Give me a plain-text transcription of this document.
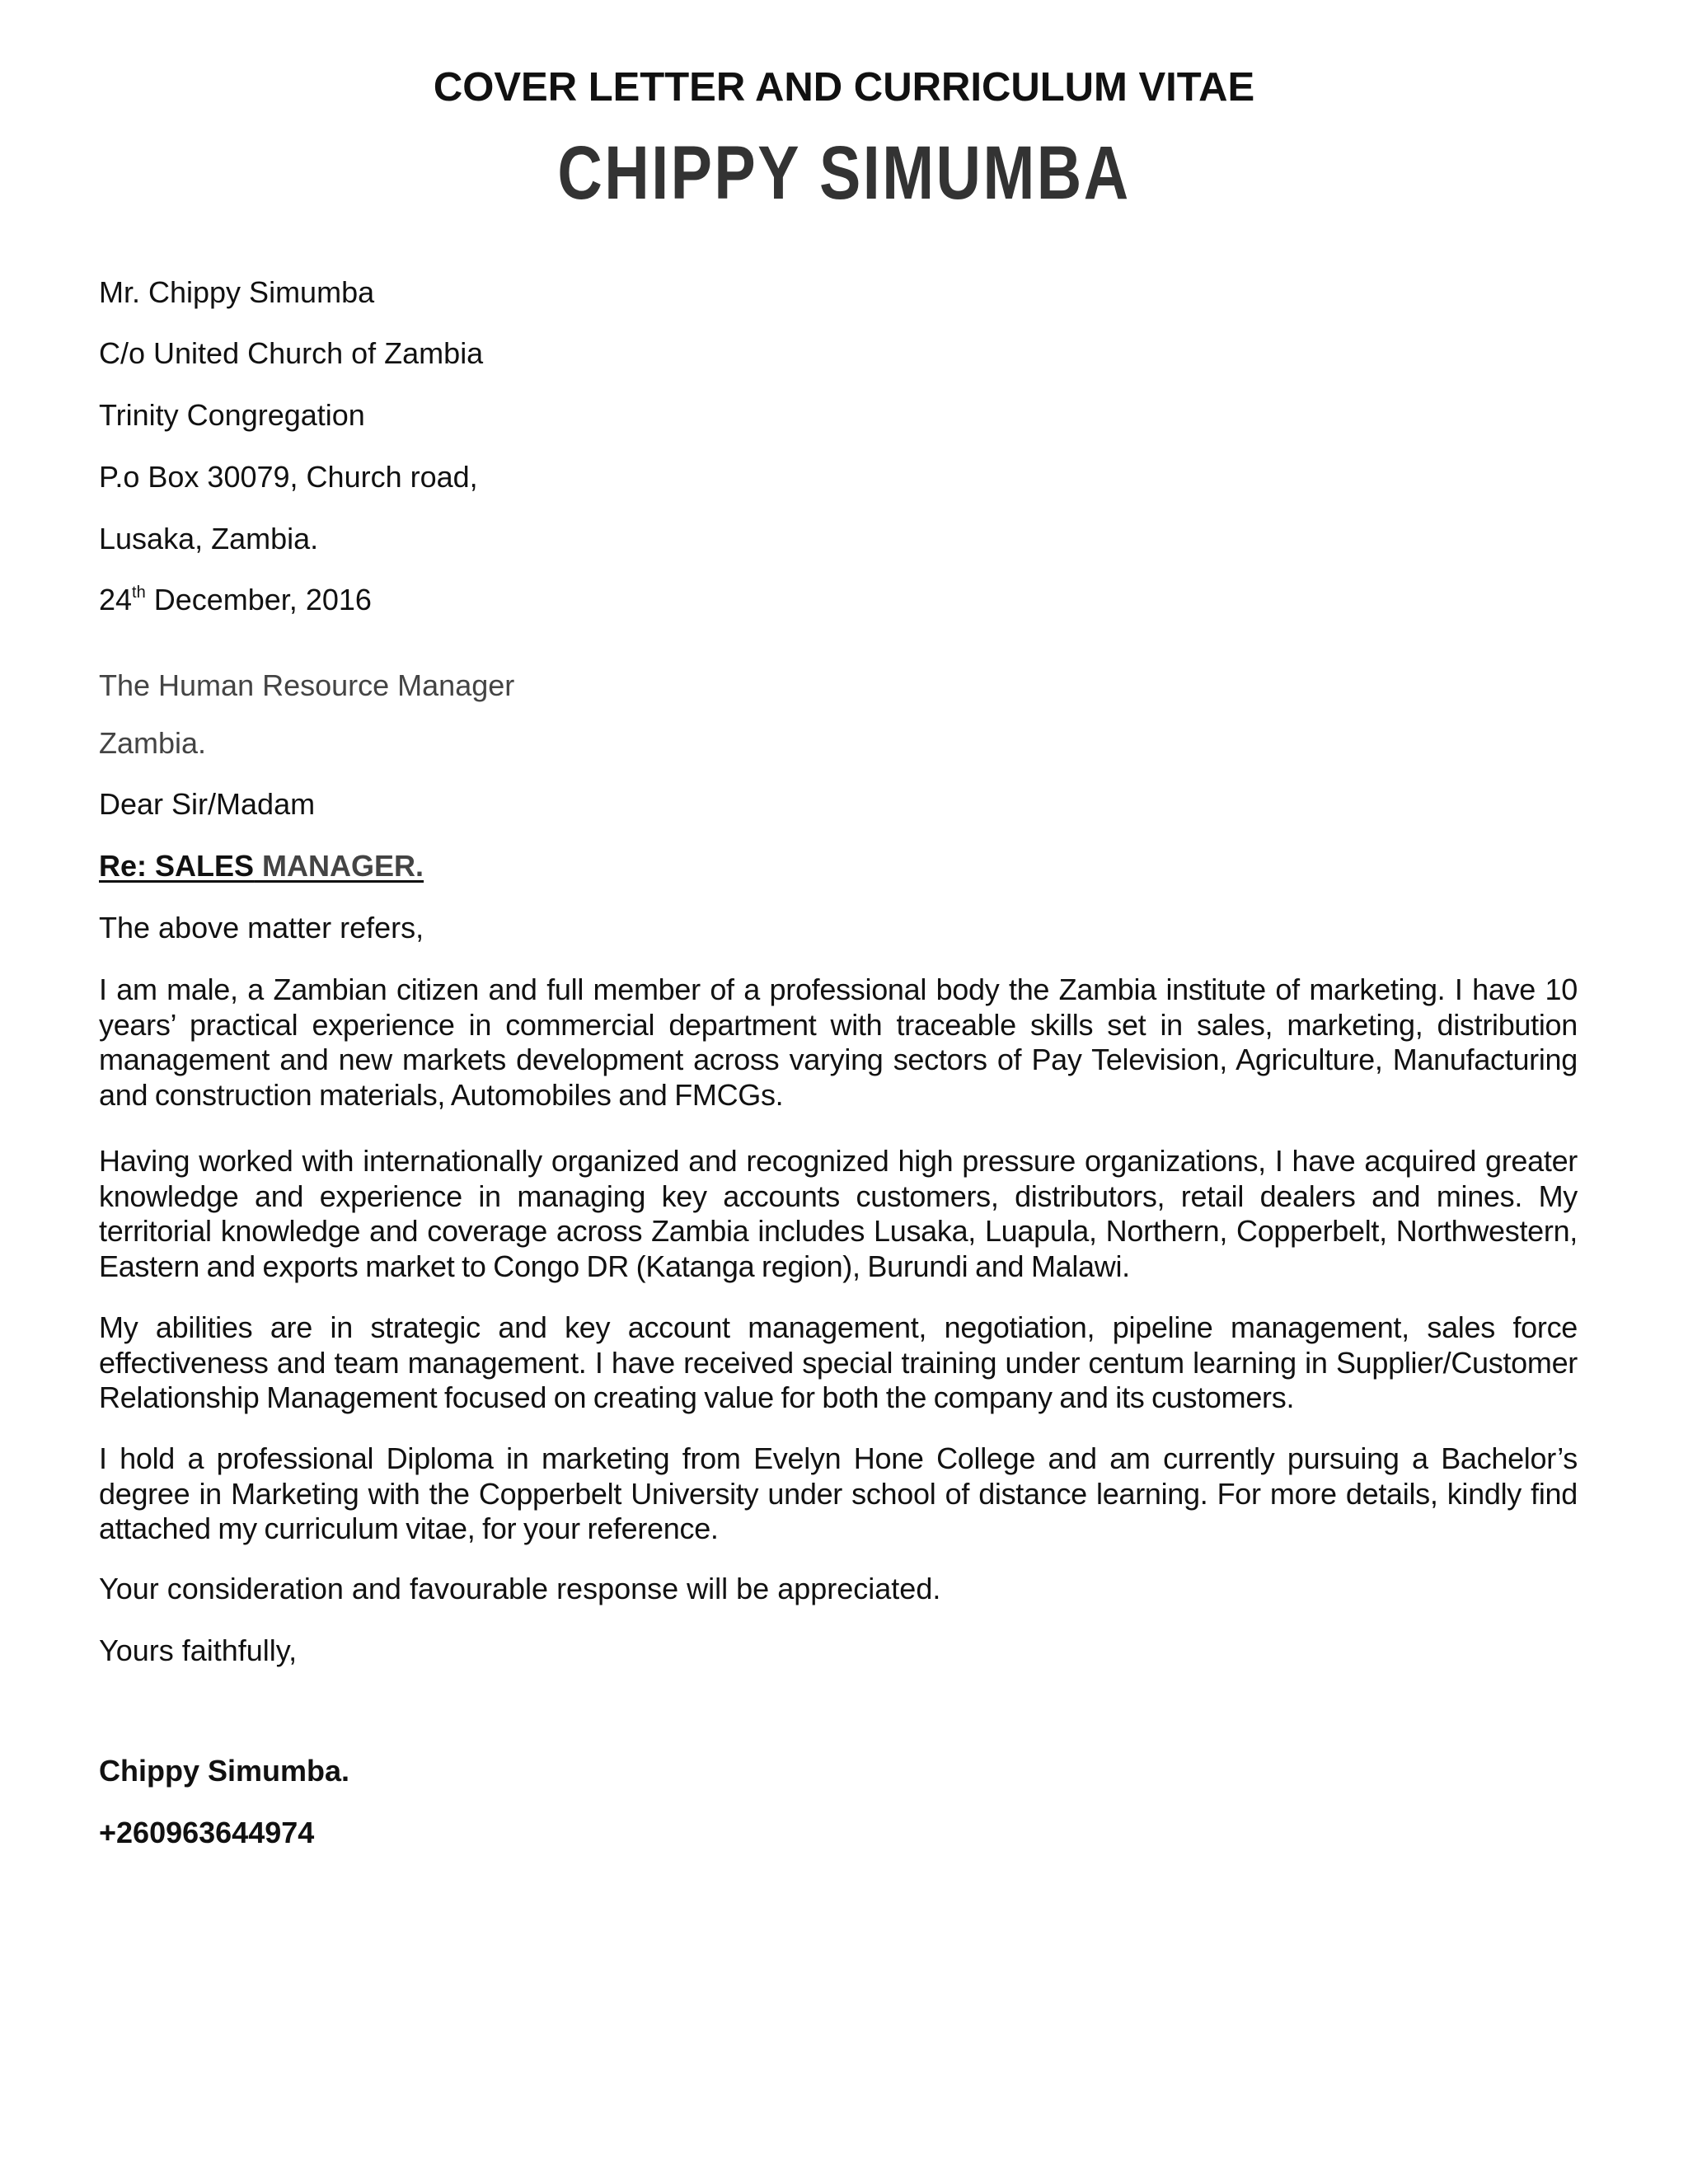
COVER LETTER AND CURRICULUM VITAE
CHIPPY SIMUMBA
Mr. Chippy Simumba
C/o United Church of Zambia
Trinity Congregation
P.o Box 30079, Church road,
Lusaka, Zambia.
24th December, 2016
The Human Resource Manager
Zambia.
Dear Sir/Madam
Re: SALES MANAGER.
The above matter refers,
I am male, a Zambian citizen and full member of a professional body the Zambia institute of marketing. I have 10 years’ practical experience in commercial department with traceable skills set in sales, marketing, distribution management and new markets development across varying sectors of Pay Television, Agriculture, Manufacturing and construction materials, Automobiles and FMCGs.
Having worked with internationally organized and recognized high pressure organizations, I have acquired greater knowledge and experience in managing key accounts customers, distributors, retail dealers and mines. My territorial knowledge and coverage across Zambia includes Lusaka, Luapula, Northern, Copperbelt, Northwestern, Eastern and exports market to Congo DR (Katanga region), Burundi and Malawi.
My abilities are in strategic and key account management, negotiation, pipeline management, sales force effectiveness and team management. I have received special training under centum learning in Supplier/Customer Relationship Management focused on creating value for both the company and its customers.
I hold a professional Diploma in marketing from Evelyn Hone College and am currently pursuing a Bachelor’s degree in Marketing with the Copperbelt University under school of distance learning. For more details, kindly find attached my curriculum vitae, for your reference.
Your consideration and favourable response will be appreciated.
Yours faithfully,
Chippy Simumba.
+260963644974
